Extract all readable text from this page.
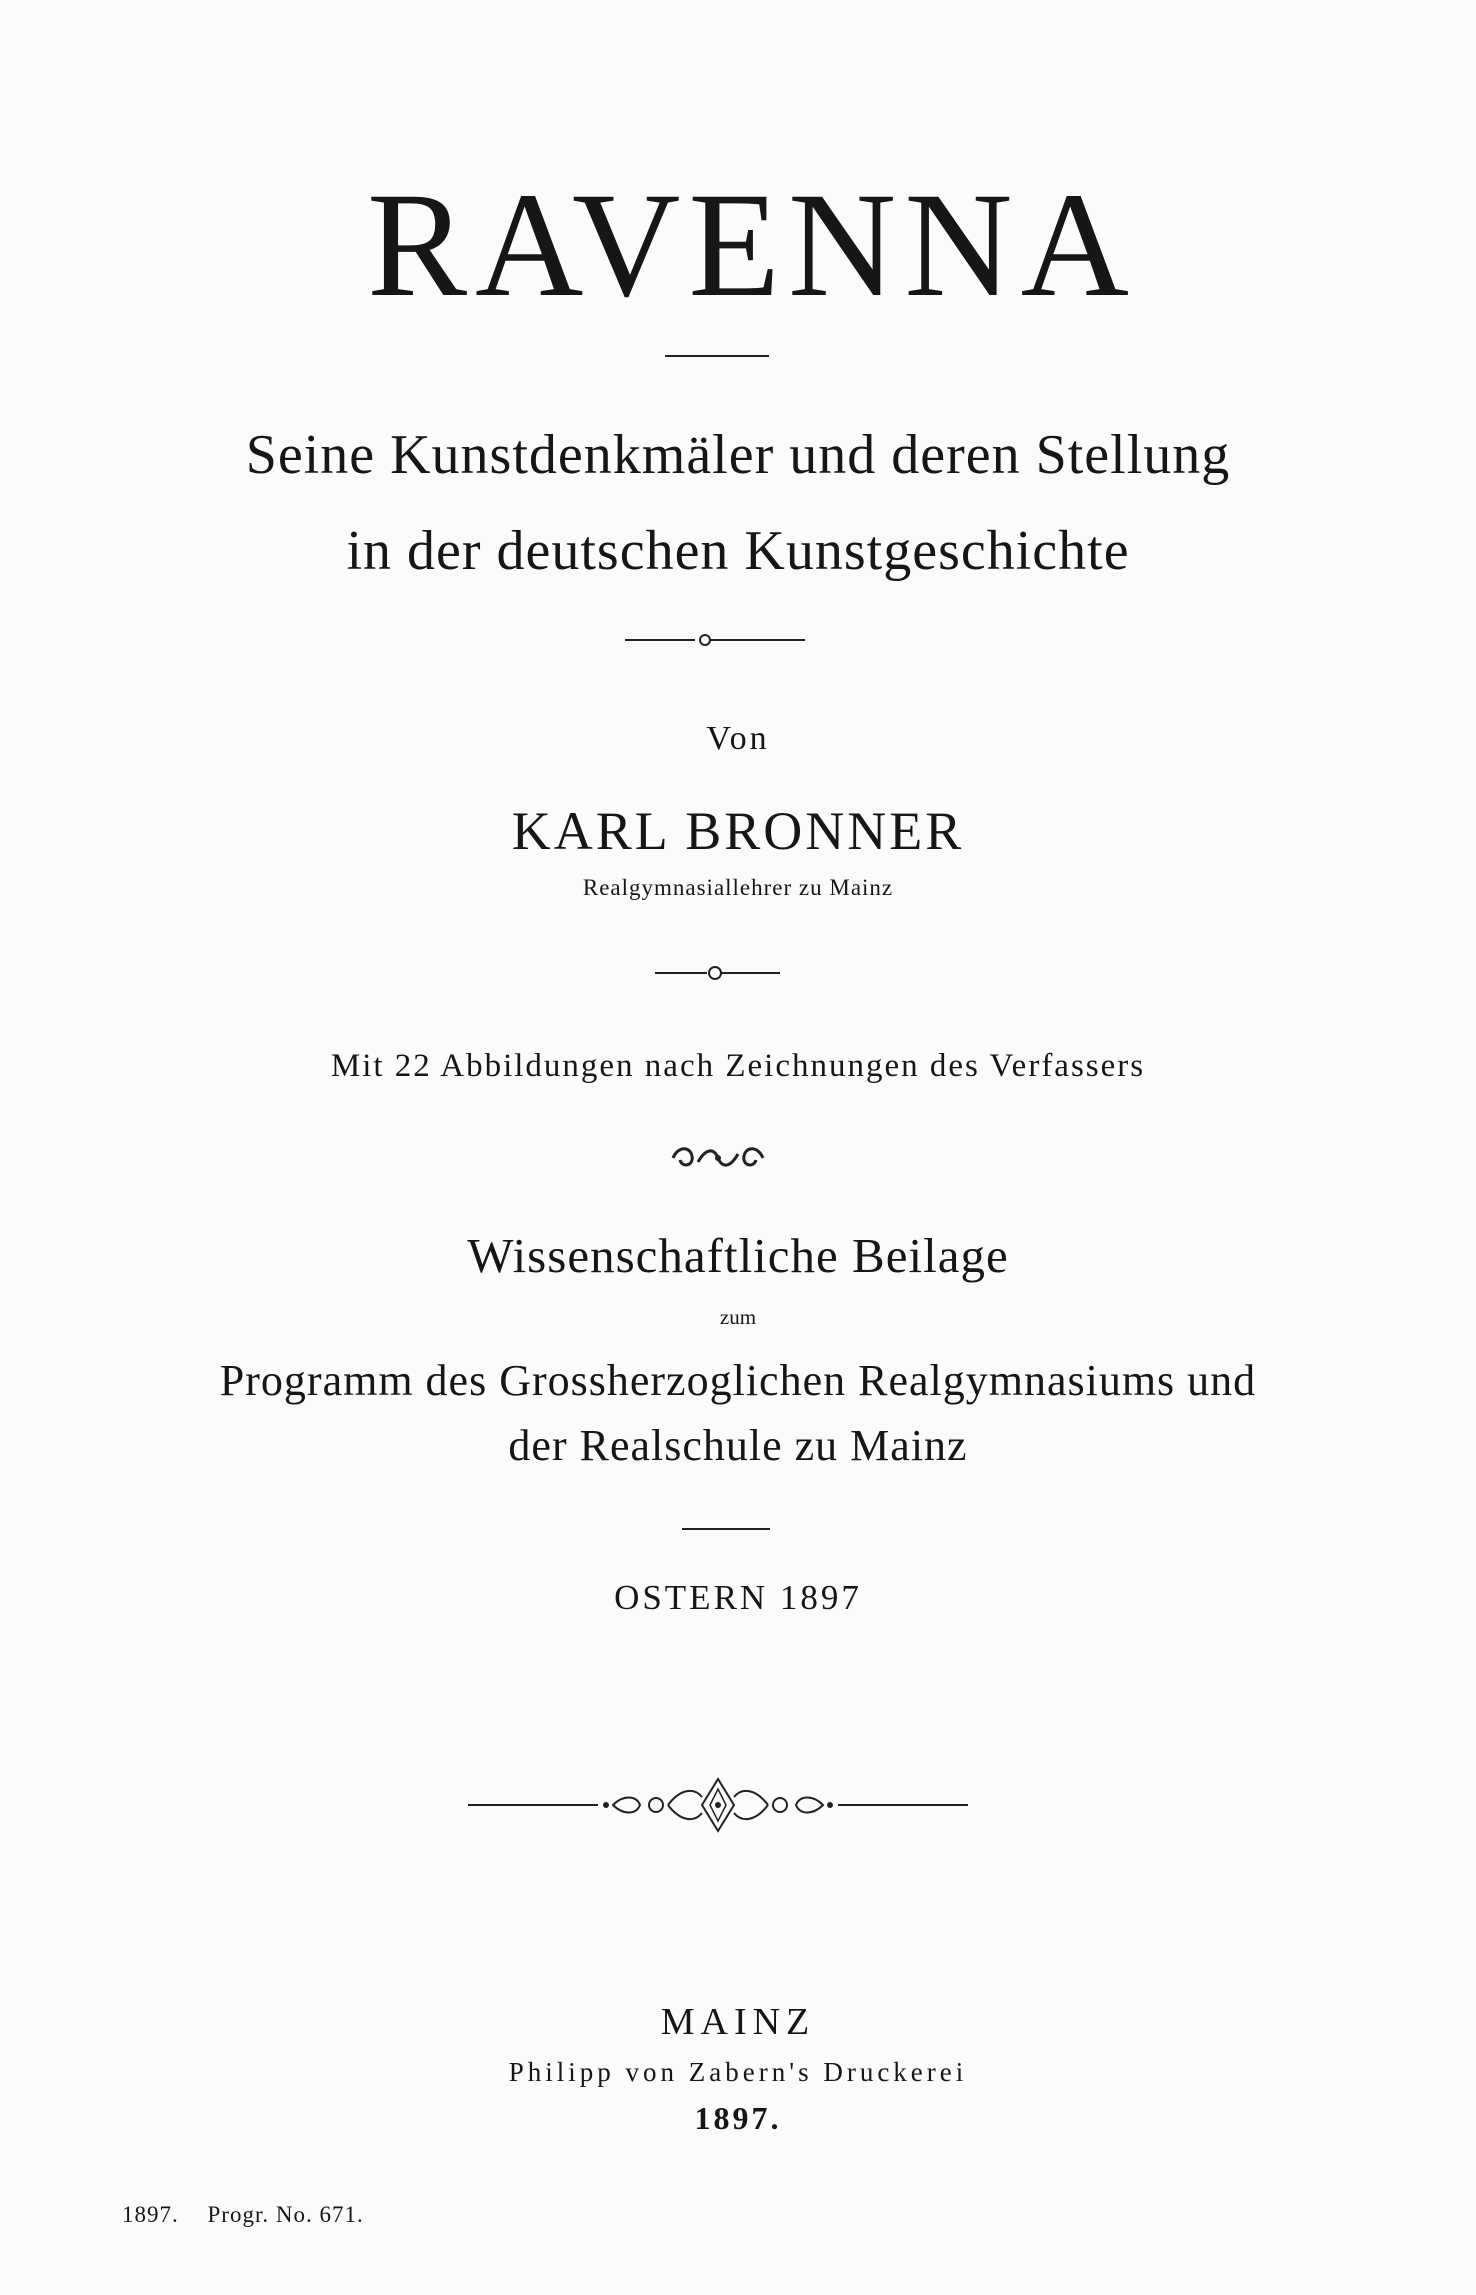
RAVENNA
Seine Kunstdenkmäler und deren Stellung
in der deutschen Kunstgeschichte
Von
KARL BRONNER
Realgymnasiallehrer zu Mainz
Mit 22 Abbildungen nach Zeichnungen des Verfassers
Wissenschaftliche Beilage
zum
Programm des Grossherzoglichen Realgymnasiums und
der Realschule zu Mainz
OSTERN 1897
MAINZ
Philipp von Zabern's Druckerei
1897.
1897. Progr. No. 671.
